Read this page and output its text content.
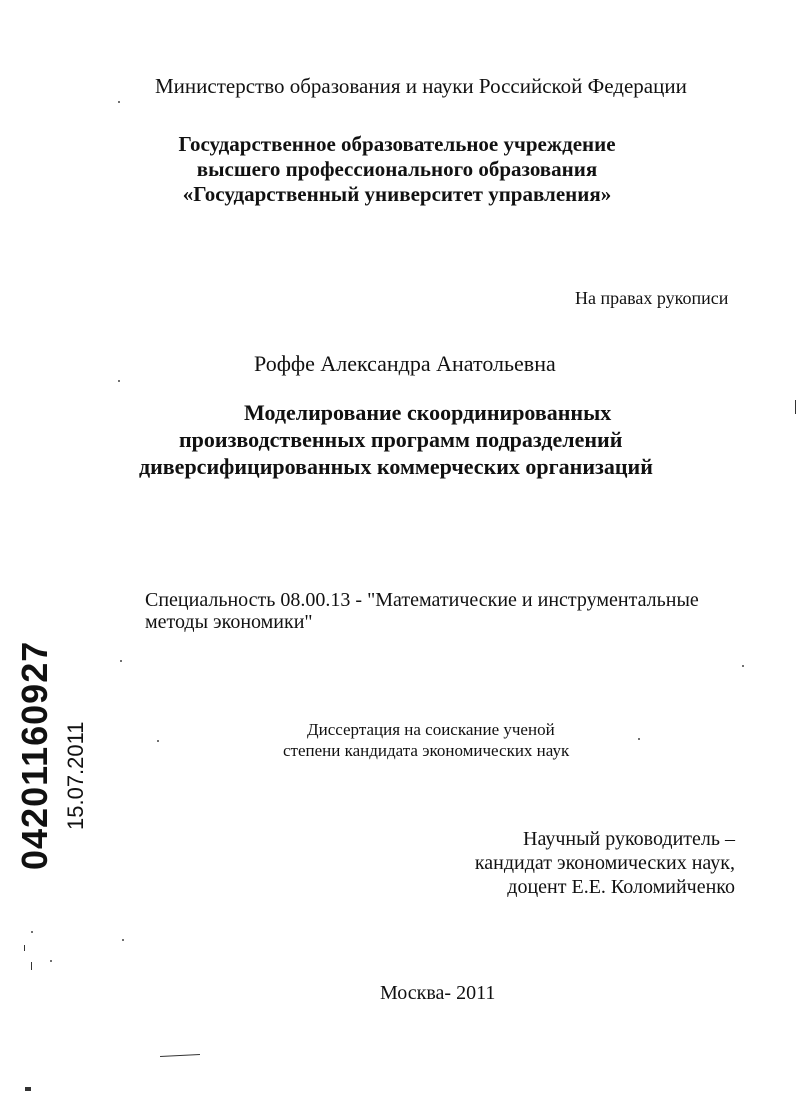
Министерство образования и науки Российской Федерации
Государственное образовательное учреждение
высшего профессионального образования
«Государственный университет управления»
На правах рукописи
Роффе Александра Анатольевна
Моделирование скоординированных
производственных программ подразделений
диверсифицированных коммерческих организаций
Специальность 08.00.13 - "Математические и инструментальные
методы экономики"
Диссертация на соискание ученой
степени кандидата экономических наук
Научный руководитель –
кандидат экономических наук,
доцент Е.Е. Коломийченко
Москва- 2011
04201160927 15.07.2011
